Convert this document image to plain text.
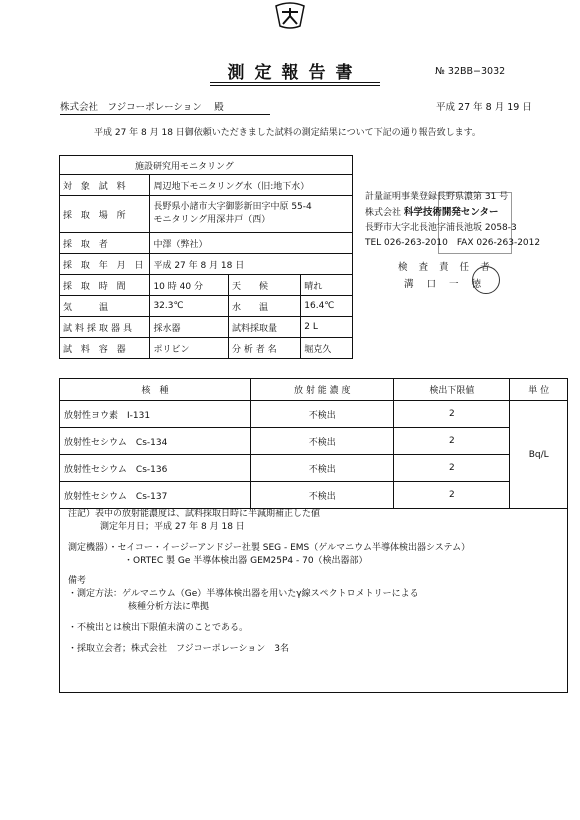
測定報告書	№ 32BB−3032
株式会社　フジコーポレーション　 殿	平成 27 年 8 月 19 日
平成 27 年 8 月 18 日御依頼いただきました試料の測定結果について下記の通り報告致します。
施設研究用モニタリング			
対 象 試 料	周辺地下モニタリング水（旧:地下水）		
採 取 場 所	長野県小諸市大字御影新田字中原 55-4
モニタリング用深井戸（西）		

採 取 者	中澤（弊社）		
採 取 年 月 日	平成 27 年 8 月 18 日		
採 取 時 間	10 時 40 分	天　　候	晴れ
気　　温	32.3℃	水　　温	16.4℃
試料採取器具	採水器	試料採取量	2 L
試 料 容 器	ポリビン	分 析 者 名	堀克久
計量証明事業登録長野県濃第 31 号
株式会社 科学技術開発センター
長野市大字北長池字浦長池坂 2058-3
TEL 026-263-2010　FAX 026-263-2012
検 査 責 任 者
溝 口 一 徳
核　種	放 射 能 濃 度	検出下限値	単 位
放射性ヨウ素　I-131	不検出	2	Bq/L
放射性セシウム　Cs-134	不検出	2	
放射性セシウム　Cs-136	不検出	2	
放射性セシウム　Cs-137	不検出	2	
注記）表中の放射能濃度は、試料採取日時に半減期補正した値
測定年月日；平成 27 年 8 月 18 日
測定機器）・セイコー・イージーアンドジー社製 SEG - EMS（ゲルマニウム半導体検出器システム）
・ORTEC 製 Ge 半導体検出器 GEM25P4 - 70（検出器部）
備考
・測定方法：ゲルマニウム（Ge）半導体検出器を用いたγ線スペクトロメトリーによる
核種分析方法に準拠
・不検出とは検出下限値未満のことである。
・採取立会者；株式会社　フジコーポレーション　3名
